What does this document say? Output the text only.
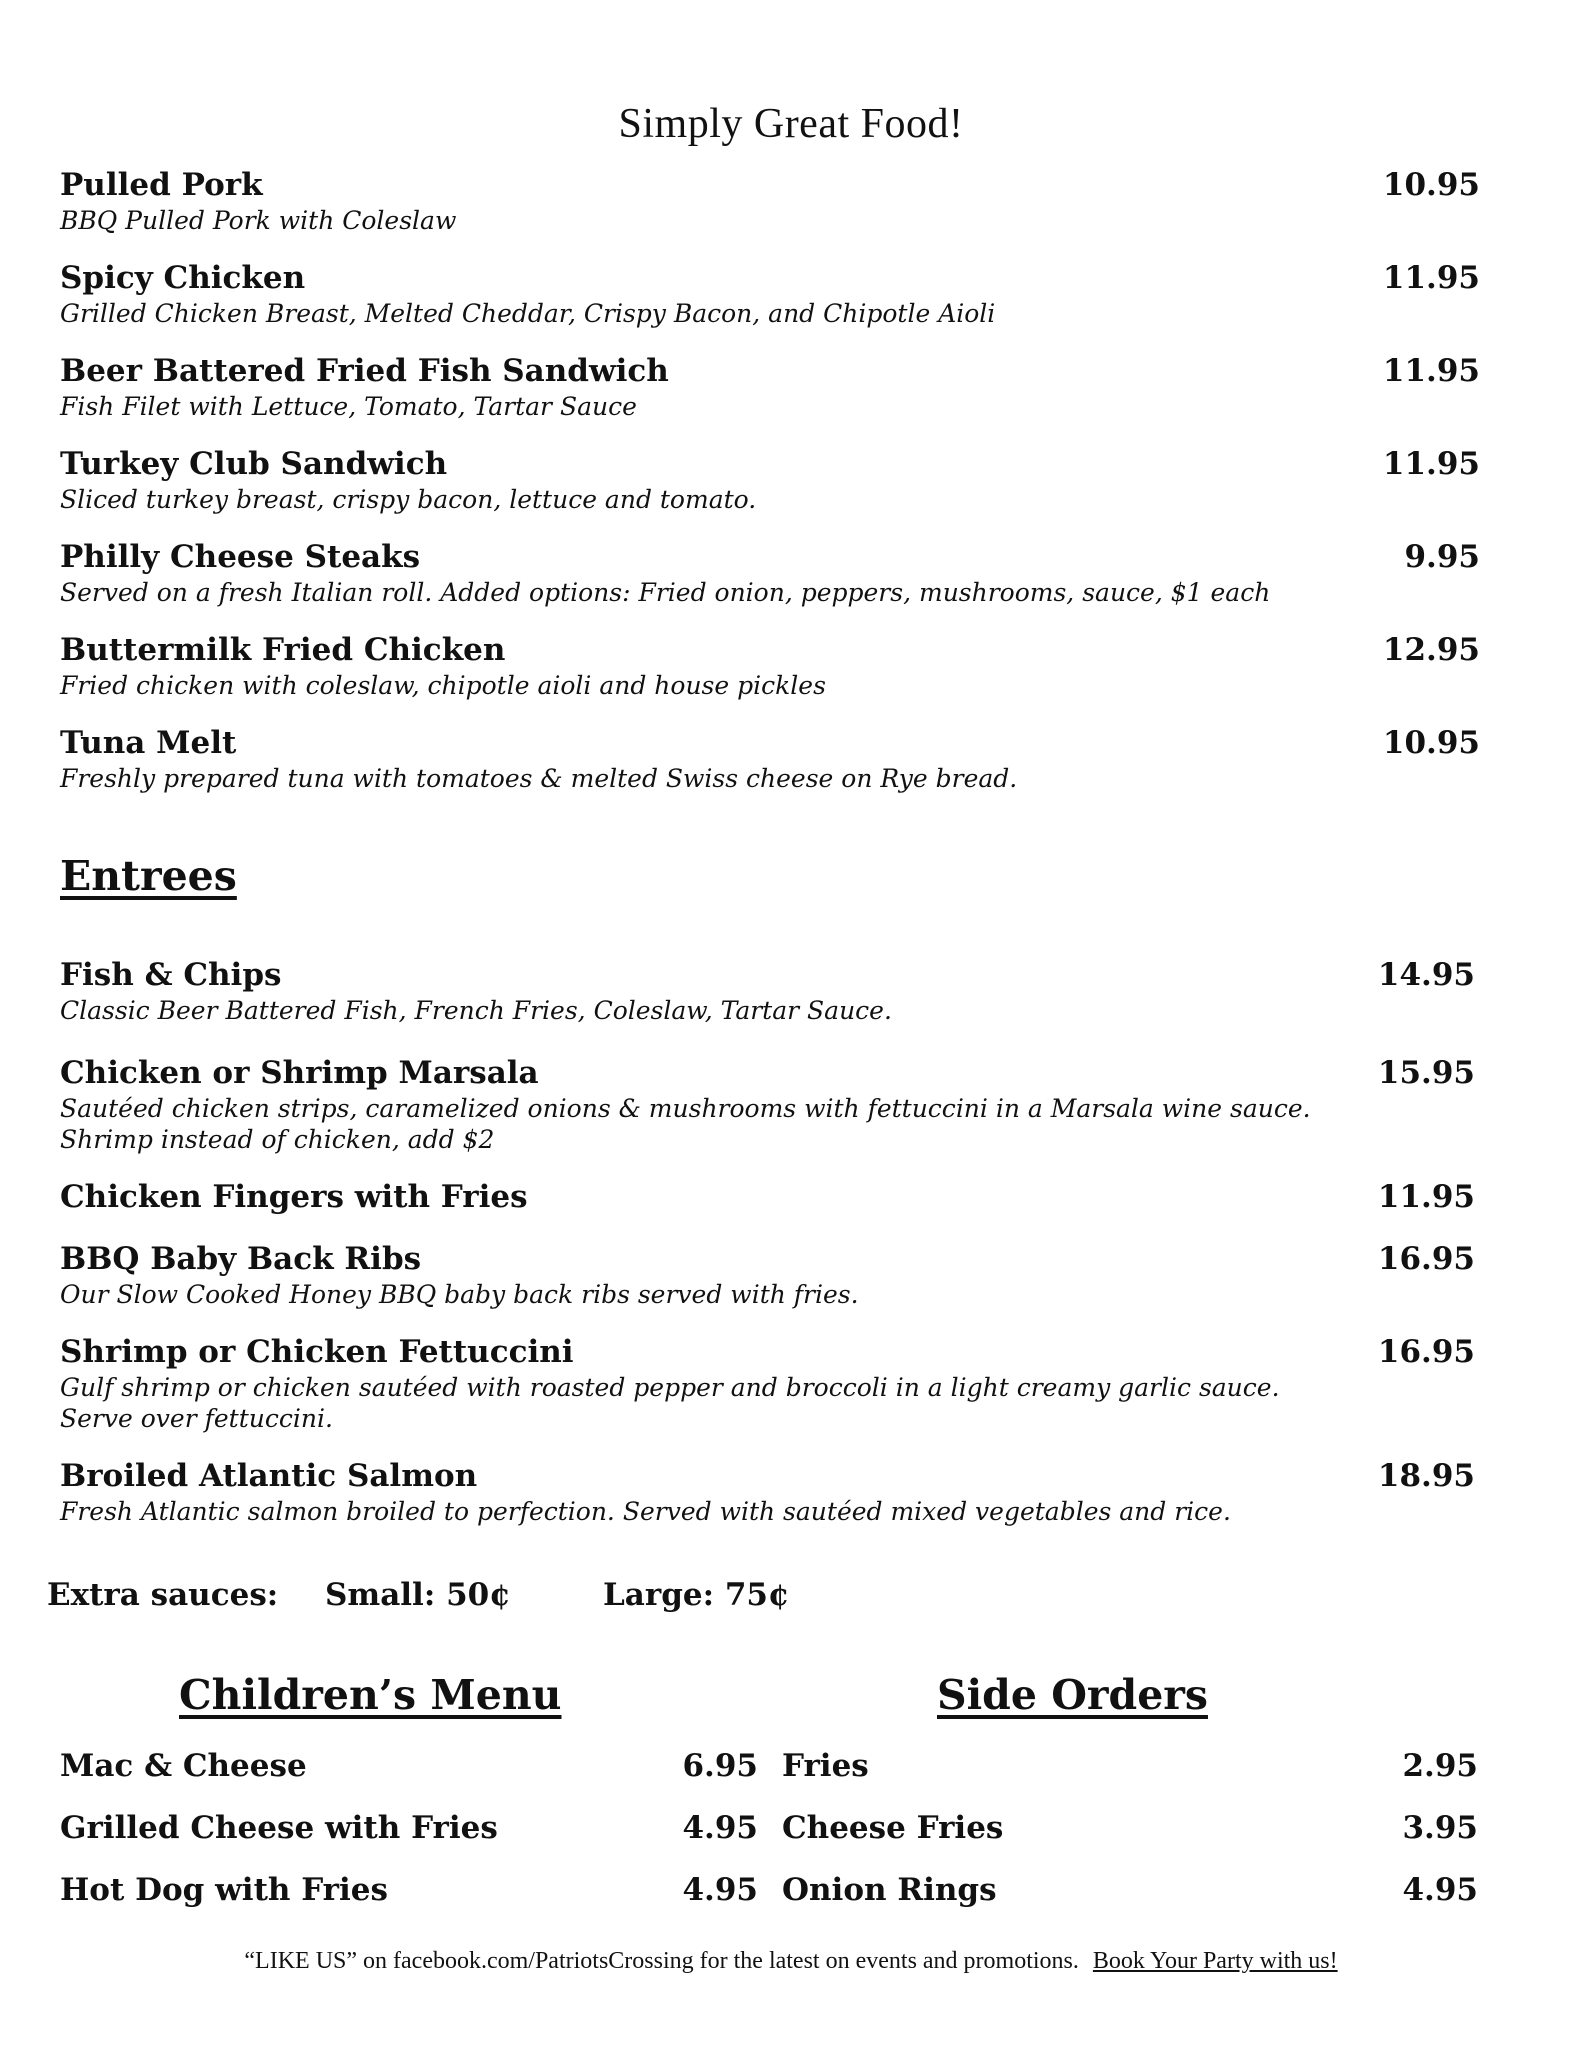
Simply Great Food!
Pulled Pork	10.95
BBQ Pulled Pork with Coleslaw
Spicy Chicken	11.95
Grilled Chicken Breast, Melted Cheddar, Crispy Bacon, and Chipotle Aioli
Beer Battered Fried Fish Sandwich	11.95
Fish Filet with Lettuce, Tomato, Tartar Sauce
Turkey Club Sandwich	11.95
Sliced turkey breast, crispy bacon, lettuce and tomato.
Philly Cheese Steaks	9.95
Served on a fresh Italian roll. Added options: Fried onion, peppers, mushrooms, sauce, $1 each
Buttermilk Fried Chicken	12.95
Fried chicken with coleslaw, chipotle aioli and house pickles
Tuna Melt	10.95
Freshly prepared tuna with tomatoes & melted Swiss cheese on Rye bread.
Entrees
Fish & Chips	14.95
Classic Beer Battered Fish, French Fries, Coleslaw, Tartar Sauce.
Chicken or Shrimp Marsala	15.95
Sautéed chicken strips, caramelized onions & mushrooms with fettuccini in a Marsala wine sauce.
Shrimp instead of chicken, add $2
Chicken Fingers with Fries	11.95
BBQ Baby Back Ribs	16.95
Our Slow Cooked Honey BBQ baby back ribs served with fries.
Shrimp or Chicken Fettuccini	16.95
Gulf shrimp or chicken sautéed with roasted pepper and broccoli in a light creamy garlic sauce. Serve over fettuccini.
Broiled Atlantic Salmon	18.95
Fresh Atlantic salmon broiled to perfection. Served with sautéed mixed vegetables and rice.
Extra sauces: Small: 50¢	Large: 75¢
Children’s Menu
Mac & Cheese	6.95
Grilled Cheese with Fries	4.95
Hot Dog with Fries	4.95
Side Orders
Fries	2.95
Cheese Fries	3.95
Onion Rings	4.95
“LIKE US” on facebook.com/PatriotsCrossing for the latest on events and promotions. Book Your Party with us!
